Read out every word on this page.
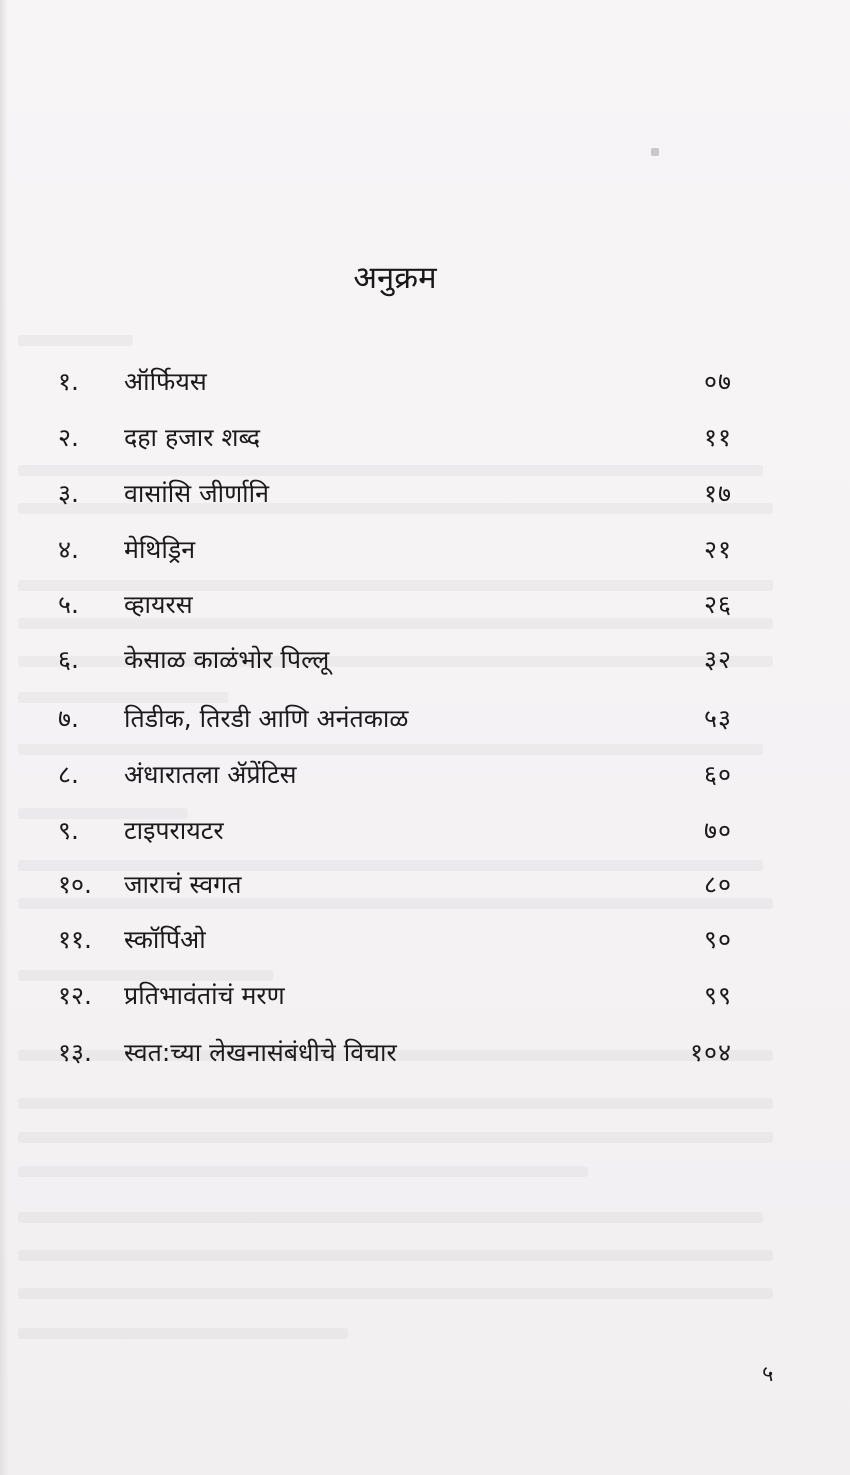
अनुक्रम
१. ऑर्फियस	०७
२. दहा हजार शब्द	११
३. वासांसि जीर्णानि	१७
४. मेथिड्रिन	२१
५. व्हायरस	२६
६. केसाळ काळंभोर पिल्लू	३२
७. तिडीक, तिरडी आणि अनंतकाळ	५३
८. अंधारातला ॲप्रेंटिस	६०
९. टाइपरायटर	७०
१०. जाराचं स्वगत	८०
११. स्कॉर्पिओ	९०
१२. प्रतिभावंतांचं मरण	९९
१३. स्वत:च्या लेखनासंबंधीचे विचार	१०४
५
